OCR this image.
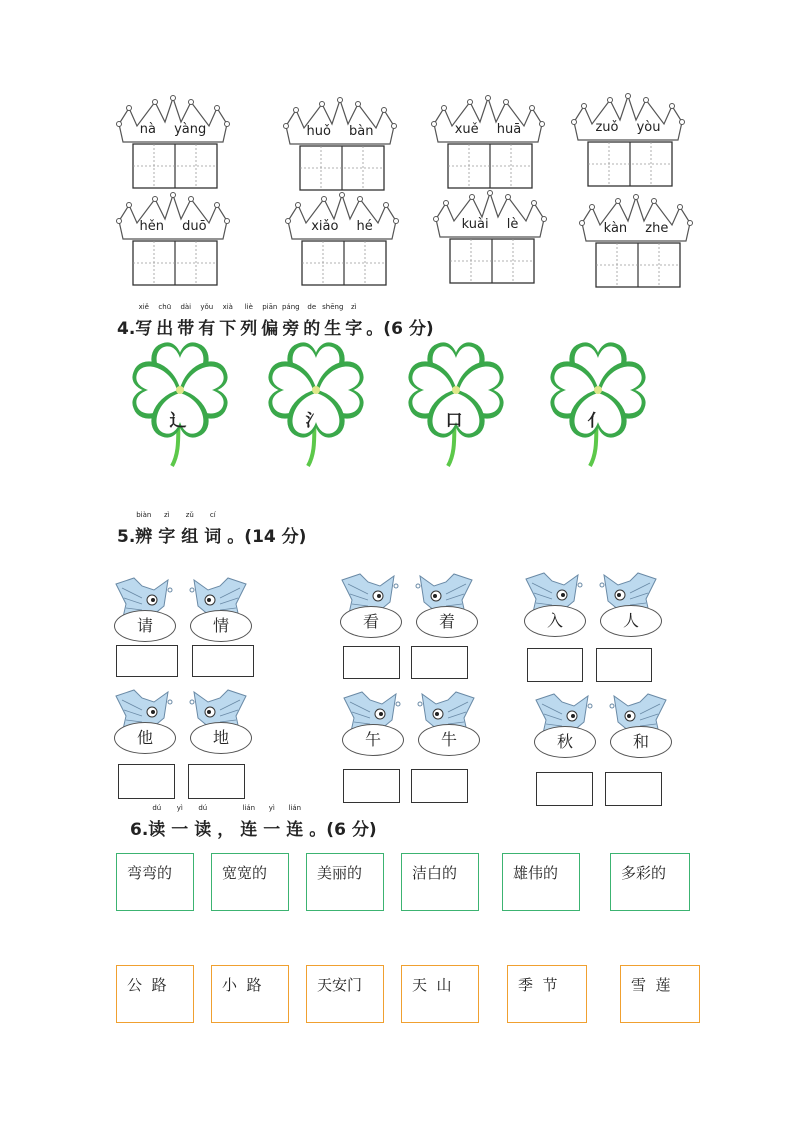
nà yàng	huǒ bàn	xuě huā	zuǒ yòu
hěn duō	xiǎo hé	kuài lè	kàn zhe
4.
xiě
写
chū
出
dài
带
yǒu
有
xià
下
liè
列
piān
偏
páng
旁
de
的
shēng
生
zì
字 。(6 分)
辶	氵	口	亻
5.
biàn
辨
zì
字
zǔ
组
cí
词 。(14 分)
请	情	看	着	入	人
他	地	午	牛	秋	和
6.
dú
读
yì
一
dú
读 ，
lián
连
yì
一
lián
连 。(6 分)
弯弯的	宽宽的	美丽的	洁白的	雄伟的	多彩的
公  路	小  路	天安门	天  山	季  节	雪  莲
